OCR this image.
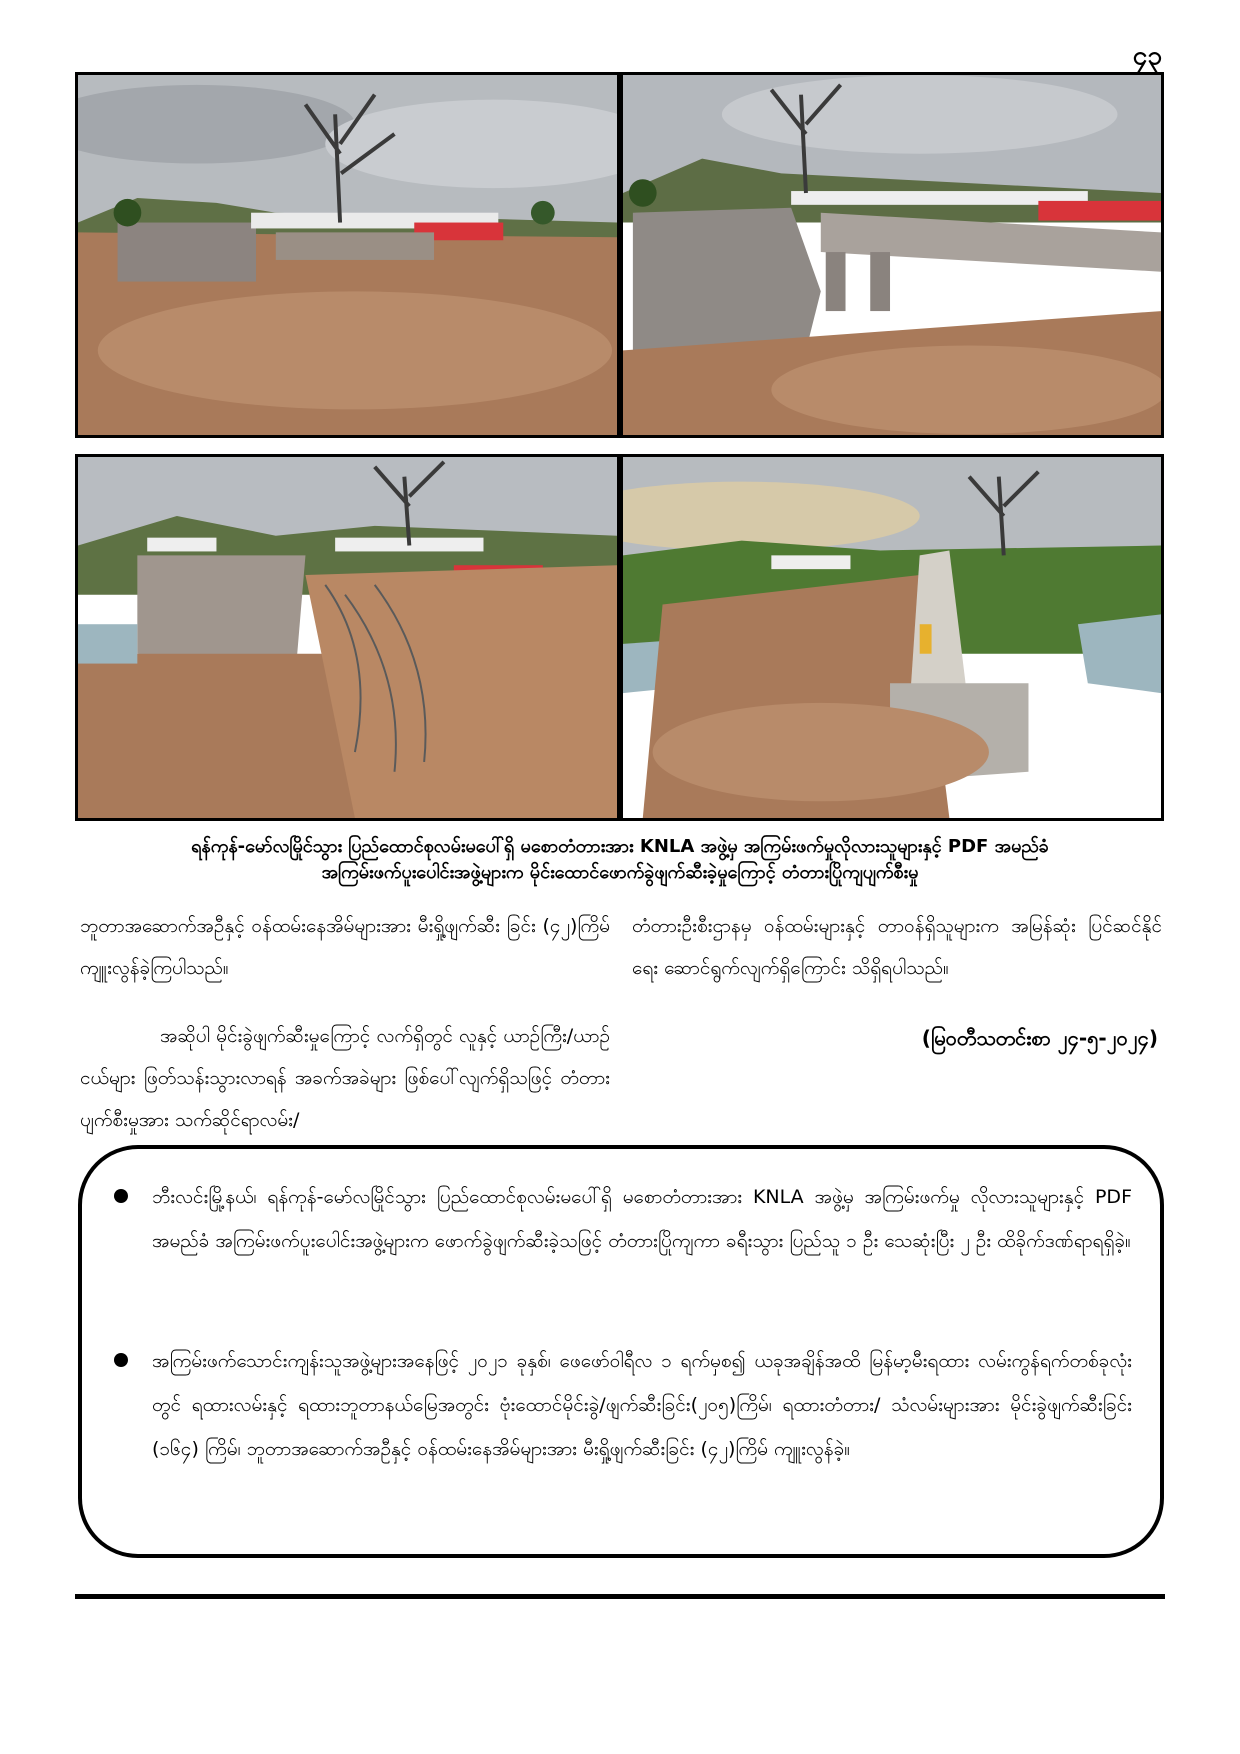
၄၃
ရန်ကုန်-မော်လမြိုင်သွား ပြည်ထောင်စုလမ်းမပေါ်ရှိ မစောတံတားအား KNLA အဖွဲ့မှ အကြမ်းဖက်မှုလိုလားသူများနှင့် PDF အမည်ခံ
အကြမ်းဖက်ပူးပေါင်းအဖွဲ့များက မိုင်းထောင်ဖောက်ခွဲဖျက်ဆီးခဲ့မှုကြောင့် တံတားပြိုကျပျက်စီးမှု

ဘူတာအဆောက်အဦနှင့် ဝန်ထမ်းနေအိမ်များအား မီးရှို့ဖျက်ဆီး ခြင်း (၄၂)ကြိမ် ကျူးလွန်ခဲ့ကြပါသည်။

အဆိုပါ မိုင်းခွဲဖျက်ဆီးမှုကြောင့် လက်ရှိတွင် လူနှင့် ယာဉ်ကြီး/ယာဉ်ငယ်များ ဖြတ်သန်းသွားလာရန် အခက်အခဲများ ဖြစ်ပေါ်လျက်ရှိသဖြင့် တံတားပျက်စီးမှုအား သက်ဆိုင်ရာလမ်း/

တံတားဦးစီးဌာနမှ ဝန်ထမ်းများနှင့် တာဝန်ရှိသူများက အမြန်ဆုံး ပြင်ဆင်နိုင်ရေး ဆောင်ရွက်လျက်ရှိကြောင်း သိရှိရပါသည်။

(မြဝတီသတင်းစာ ၂၄-၅-၂၀၂၄)
ဘီးလင်းမြို့နယ်၊ ရန်ကုန်-မော်လမြိုင်သွား ပြည်ထောင်စုလမ်းမပေါ်ရှိ မစောတံတားအား KNLA အဖွဲ့မှ အကြမ်းဖက်မှု လိုလားသူများနှင့် PDF အမည်ခံ အကြမ်းဖက်ပူးပေါင်းအဖွဲ့များက ဖောက်ခွဲဖျက်ဆီးခဲ့သဖြင့် တံတားပြိုကျကာ ခရီးသွား ပြည်သူ ၁ ဦး သေဆုံးပြီး ၂ ဦး ထိခိုက်ဒဏ်ရာရရှိခဲ့။
အကြမ်းဖက်သောင်းကျန်းသူအဖွဲ့များအနေဖြင့် ၂၀၂၁ ခုနှစ်၊ ဖေဖော်ဝါရီလ ၁ ရက်မှစ၍ ယခုအချိန်အထိ မြန်မာ့မီးရထား လမ်းကွန်ရက်တစ်ခုလုံးတွင် ရထားလမ်းနှင့် ရထားဘူတာနယ်မြေအတွင်း ဗုံးထောင်မိုင်းခွဲ/ဖျက်ဆီးခြင်း(၂၀၅)ကြိမ်၊ ရထားတံတား/ သံလမ်းများအား မိုင်းခွဲဖျက်ဆီးခြင်း (၁၆၄) ကြိမ်၊ ဘူတာအဆောက်အဦနှင့် ဝန်ထမ်းနေအိမ်များအား မီးရှို့ဖျက်ဆီးခြင်း (၄၂)ကြိမ် ကျူးလွန်ခဲ့။
